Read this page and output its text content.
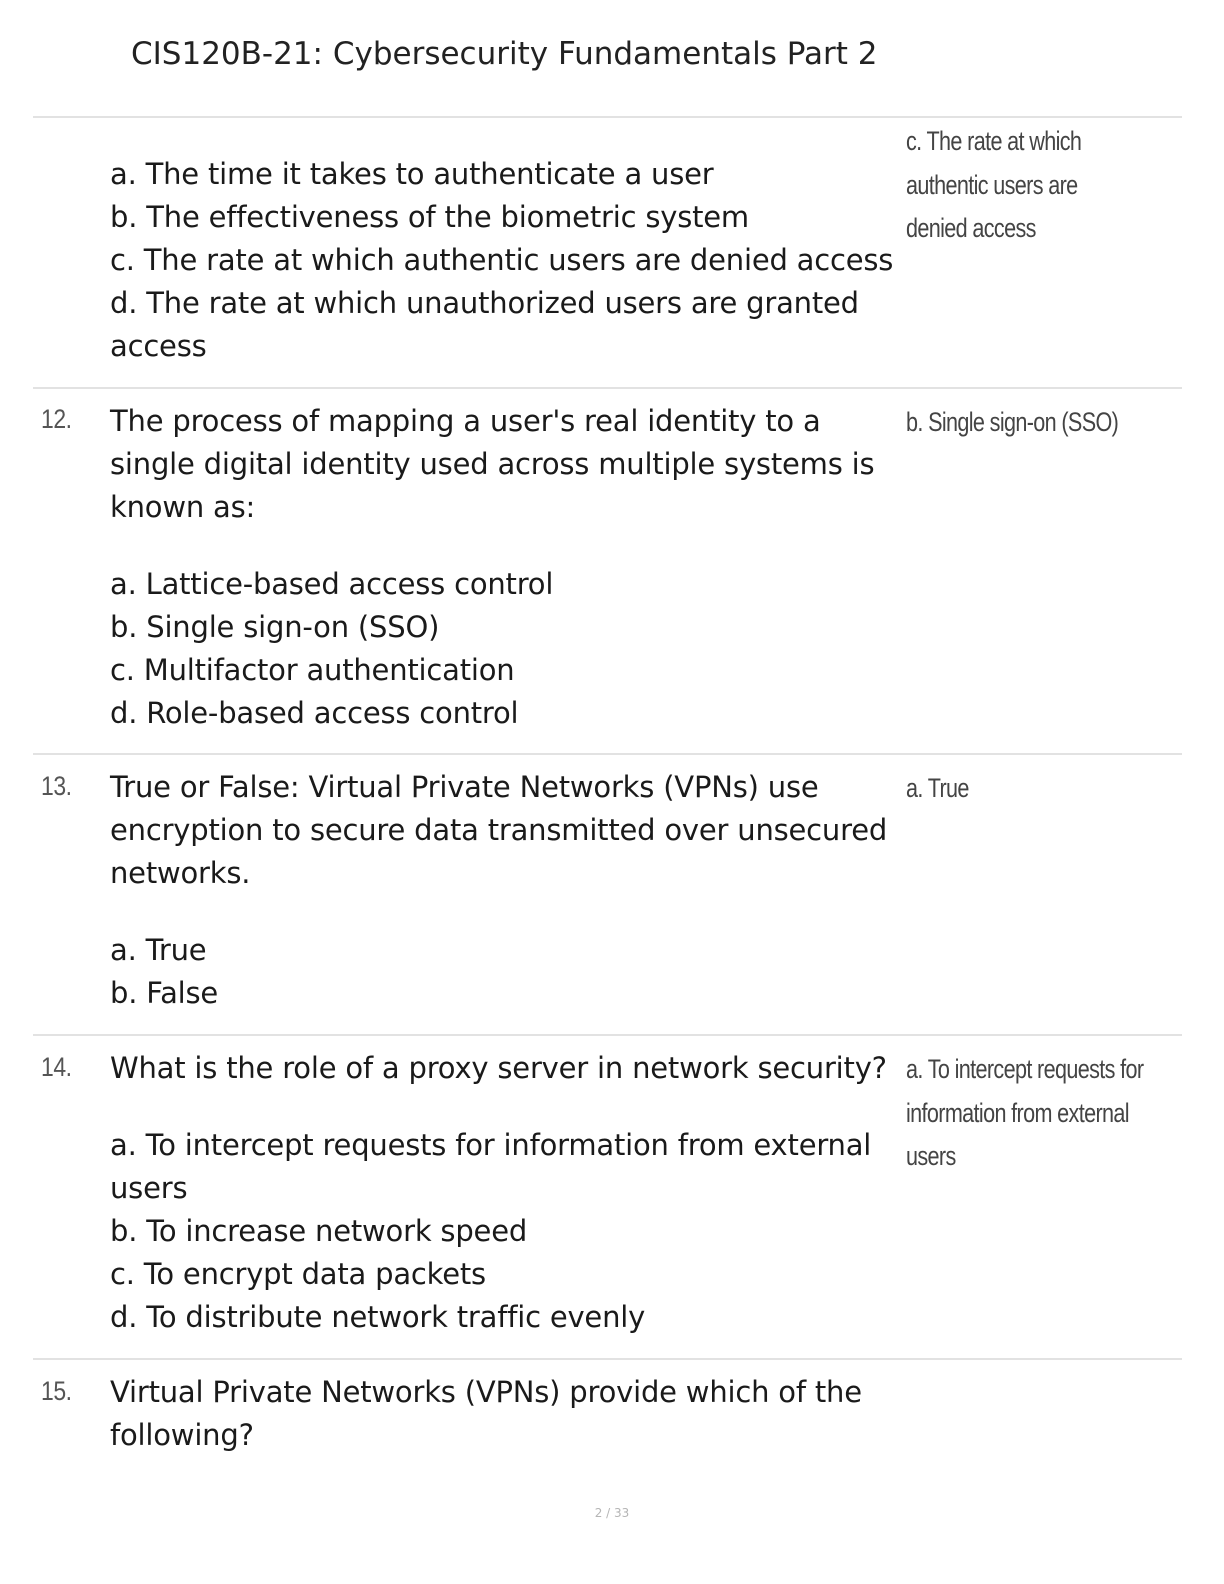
CIS120B-21: Cybersecurity Fundamentals Part 2
a. The time it takes to authenticate a user
b. The effectiveness of the biometric system
c. The rate at which authentic users are denied access
d. The rate at which unauthorized users are granted access
c. The rate at which authentic users are denied access
12. The process of mapping a user's real identity to a single digital identity used across multiple systems is known as:
a. Lattice-based access control
b. Single sign-on (SSO)
c. Multifactor authentication
d. Role-based access control
b. Single sign-on (SSO)
13. True or False: Virtual Private Networks (VPNs) use encryption to secure data transmitted over unsecured networks.
a. True
b. False
a. True
14. What is the role of a proxy server in network security?
a. To intercept requests for information from external users
b. To increase network speed
c. To encrypt data packets
d. To distribute network traffic evenly
a. To intercept requests for information from external users
15. Virtual Private Networks (VPNs) provide which of the following?
2 / 33
